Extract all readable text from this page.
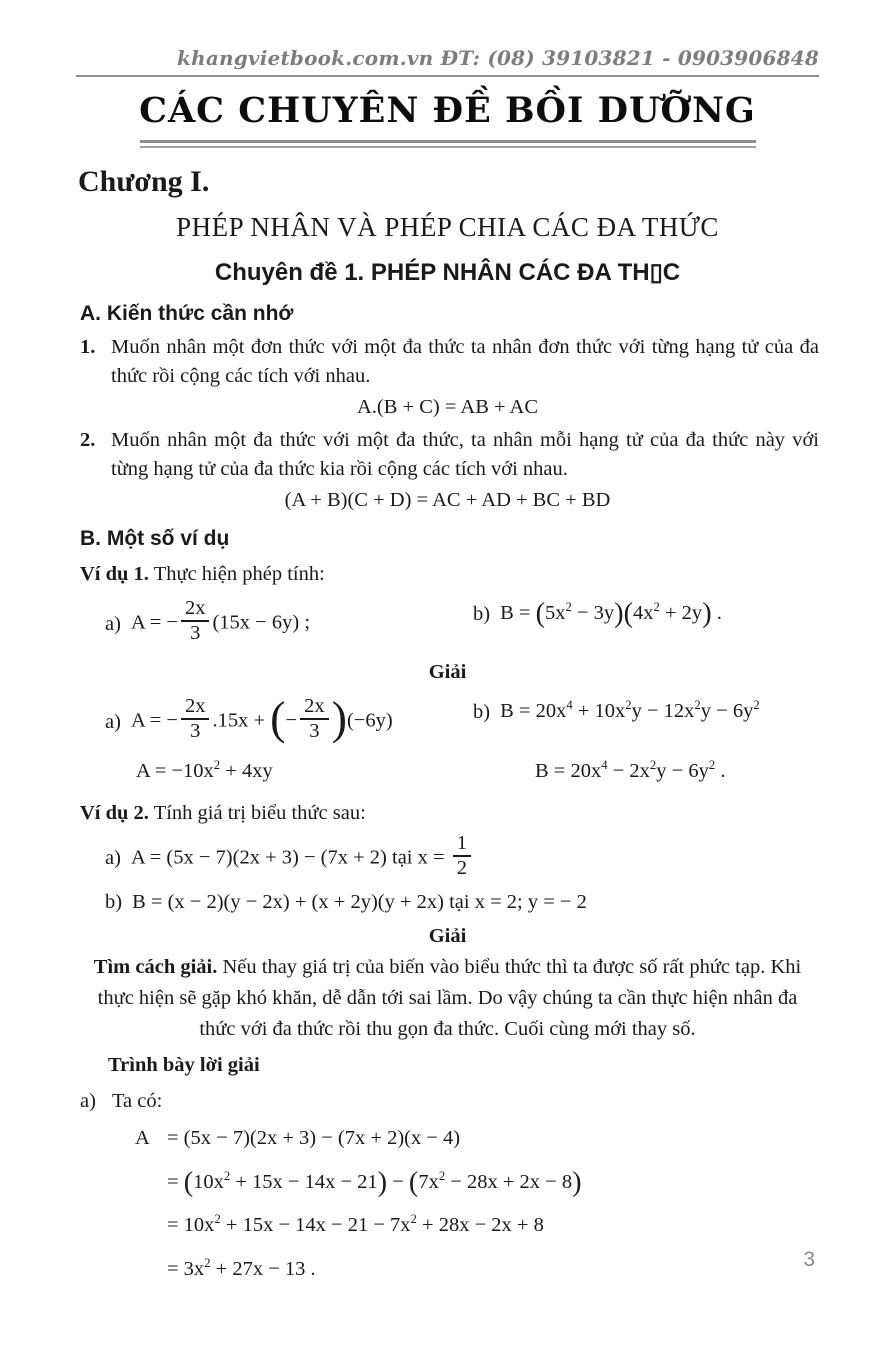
khangvietbook.com.vn ĐT: (08) 39103821 - 0903906848
CÁC CHUYÊN ĐỀ BỒI DƯỠNG
Chương I.
PHÉP NHÂN VÀ PHÉP CHIA CÁC ĐA THỨC
Chuyên đề 1. PHÉP NHÂN CÁC ĐA TH▯C
A. Kiến thức cần nhớ
1. Muốn nhân một đơn thức với một đa thức ta nhân đơn thức với từng hạng tử của đa thức rồi cộng các tích với nhau.
A.(B + C) = AB + AC
2. Muốn nhân một đa thức với một đa thức, ta nhân mỗi hạng tử của đa thức này với từng hạng tử của đa thức kia rồi cộng các tích với nhau.
(A + B)(C + D) = AC + AD + BC + BD
B. Một số ví dụ
Ví dụ 1. Thực hiện phép tính:
a) A = − $\frac{2x}{3} (15x - 6y)$ ;	b) $B = (5x^2 - 3y)(4x^2 + 2y)$ .
Giải
a) A = − $\frac{2x}{3} .15x$ + (− $\frac{2x}{3} )(-6y)$	b) $B = 20x^4 + 10x^2y - 12x^2y - 6y^2$
$A = -10x^2 + 4xy$	$B = 20x^4 - 2x^2y - 6y^2$ .
Ví dụ 2. Tính giá trị biểu thức sau:
a) A = (5x − 7)(2x + 3) − (7x + 2) tại $x = \frac{1}{2}$
b) B = (x − 2)(y − 2x) + (x + 2y)(y + 2x) tại x = 2; y = − 2
Giải
Tìm cách giải. Nếu thay giá trị của biến vào biểu thức thì ta được số rất phức tạp. Khi thực hiện sẽ gặp khó khăn, dễ dẫn tới sai lầm. Do vậy chúng ta cần thực hiện nhân đa thức với đa thức rồi thu gọn đa thức. Cuối cùng mới thay số.
Trình bày lời giải
a) Ta có:
A = (5x − 7)(2x + 3) − (7x + 2)(x − 4)
= $(10x^2 + 15x - 14x - 21) - (7x^2 - 28x + 2x - 8)$
= $10x^2 + 15x - 14x - 21 - 7x^2 + 28x - 2x + 8$
= $3x^2 + 27x - 13$ .	3
